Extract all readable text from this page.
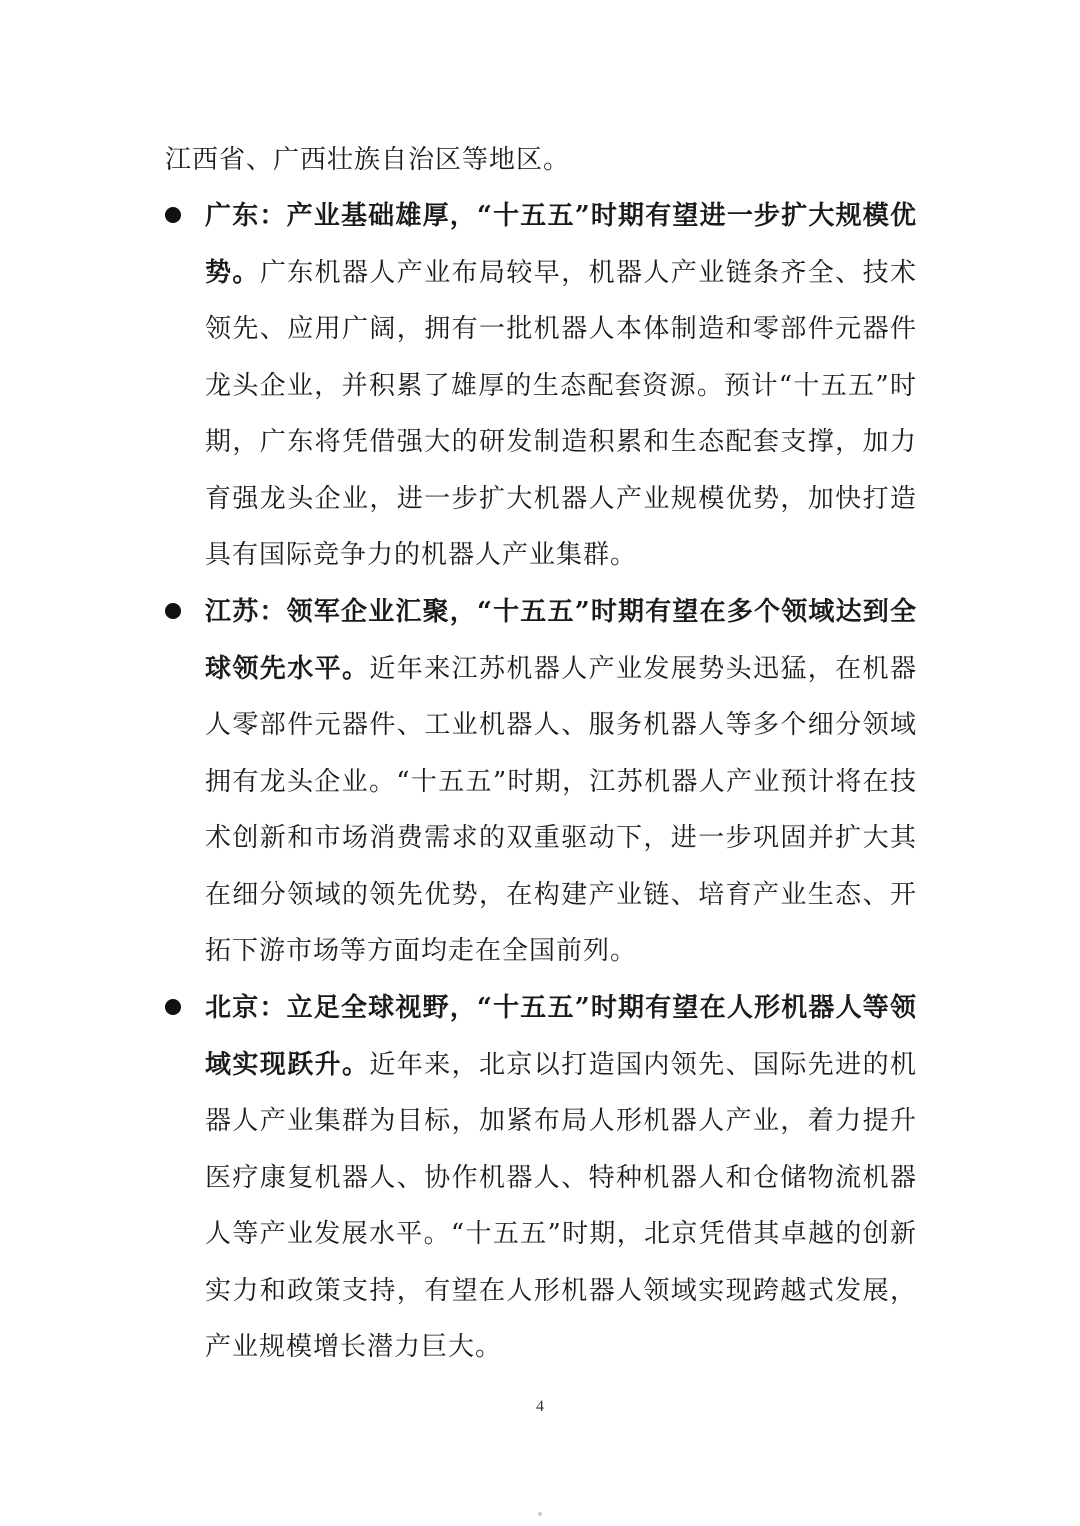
江西省、广西壮族自治区等地区。

广东：产业基础雄厚，“十五五”时期有望进一步扩大规模优势。广东机器人产业布局较早，机器人产业链条齐全、技术领先、应用广阔，拥有一批机器人本体制造和零部件元器件龙头企业，并积累了雄厚的生态配套资源。预计“十五五”时期，广东将凭借强大的研发制造积累和生态配套支撑，加力育强龙头企业，进一步扩大机器人产业规模优势，加快打造具有国际竞争力的机器人产业集群。
江苏：领军企业汇聚，“十五五”时期有望在多个领域达到全球领先水平。近年来江苏机器人产业发展势头迅猛，在机器人零部件元器件、工业机器人、服务机器人等多个细分领域拥有龙头企业。“十五五”时期，江苏机器人产业预计将在技术创新和市场消费需求的双重驱动下，进一步巩固并扩大其在细分领域的领先优势，在构建产业链、培育产业生态、开拓下游市场等方面均走在全国前列。
北京：立足全球视野，“十五五”时期有望在人形机器人等领域实现跃升。近年来，北京以打造国内领先、国际先进的机器人产业集群为目标，加紧布局人形机器人产业，着力提升医疗康复机器人、协作机器人、特种机器人和仓储物流机器人等产业发展水平。“十五五”时期，北京凭借其卓越的创新实力和政策支持，有望在人形机器人领域实现跨越式发展，产业规模增长潜力巨大。
4
